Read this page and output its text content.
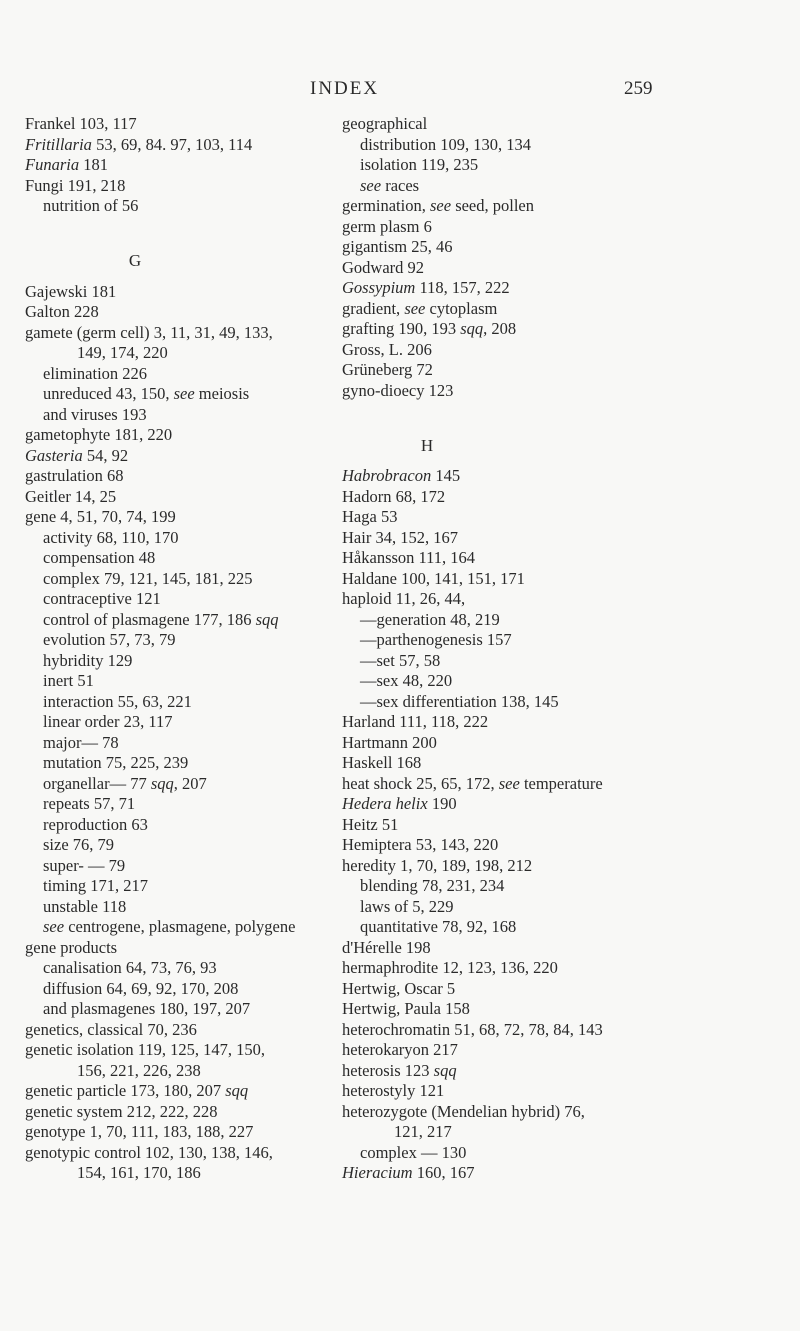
INDEX	259
Frankel 103, 117
Fritillaria 53, 69, 84. 97, 103, 114
Funaria 181
Fungi 191, 218
nutrition of 56
G
Gajewski 181
Galton 228
gamete (germ cell) 3, 11, 31, 49, 133,
149, 174, 220
elimination 226
unreduced 43, 150, see meiosis
and viruses 193
gametophyte 181, 220
Gasteria 54, 92
gastrulation 68
Geitler 14, 25
gene 4, 51, 70, 74, 199
activity 68, 110, 170
compensation 48
complex 79, 121, 145, 181, 225
contraceptive 121
control of plasmagene 177, 186 sqq
evolution 57, 73, 79
hybridity 129
inert 51
interaction 55, 63, 221
linear order 23, 117
major— 78
mutation 75, 225, 239
organellar— 77 sqq, 207
repeats 57, 71
reproduction 63
size 76, 79
super- — 79
timing 171, 217
unstable 118
see centrogene, plasmagene, polygene
gene products
canalisation 64, 73, 76, 93
diffusion 64, 69, 92, 170, 208
and plasmagenes 180, 197, 207
genetics, classical 70, 236
genetic isolation 119, 125, 147, 150,
156, 221, 226, 238
genetic particle 173, 180, 207 sqq
genetic system 212, 222, 228
genotype 1, 70, 111, 183, 188, 227
genotypic control 102, 130, 138, 146,
154, 161, 170, 186
geographical
distribution 109, 130, 134
isolation 119, 235
see races
germination, see seed, pollen
germ plasm 6
gigantism 25, 46
Godward 92
Gossypium 118, 157, 222
gradient, see cytoplasm
grafting 190, 193 sqq, 208
Gross, L. 206
Grüneberg 72
gyno-dioecy 123
H
Habrobracon 145
Hadorn 68, 172
Haga 53
Hair 34, 152, 167
Håkansson 111, 164
Haldane 100, 141, 151, 171
haploid 11, 26, 44,
—generation 48, 219
—parthenogenesis 157
—set 57, 58
—sex 48, 220
—sex differentiation 138, 145
Harland 111, 118, 222
Hartmann 200
Haskell 168
heat shock 25, 65, 172, see temperature
Hedera helix 190
Heitz 51
Hemiptera 53, 143, 220
heredity 1, 70, 189, 198, 212
blending 78, 231, 234
laws of 5, 229
quantitative 78, 92, 168
d'Hérelle 198
hermaphrodite 12, 123, 136, 220
Hertwig, Oscar 5
Hertwig, Paula 158
heterochromatin 51, 68, 72, 78, 84, 143
heterokaryon 217
heterosis 123 sqq
heterostyly 121
heterozygote (Mendelian hybrid) 76,
121, 217
complex — 130
Hieracium 160, 167
